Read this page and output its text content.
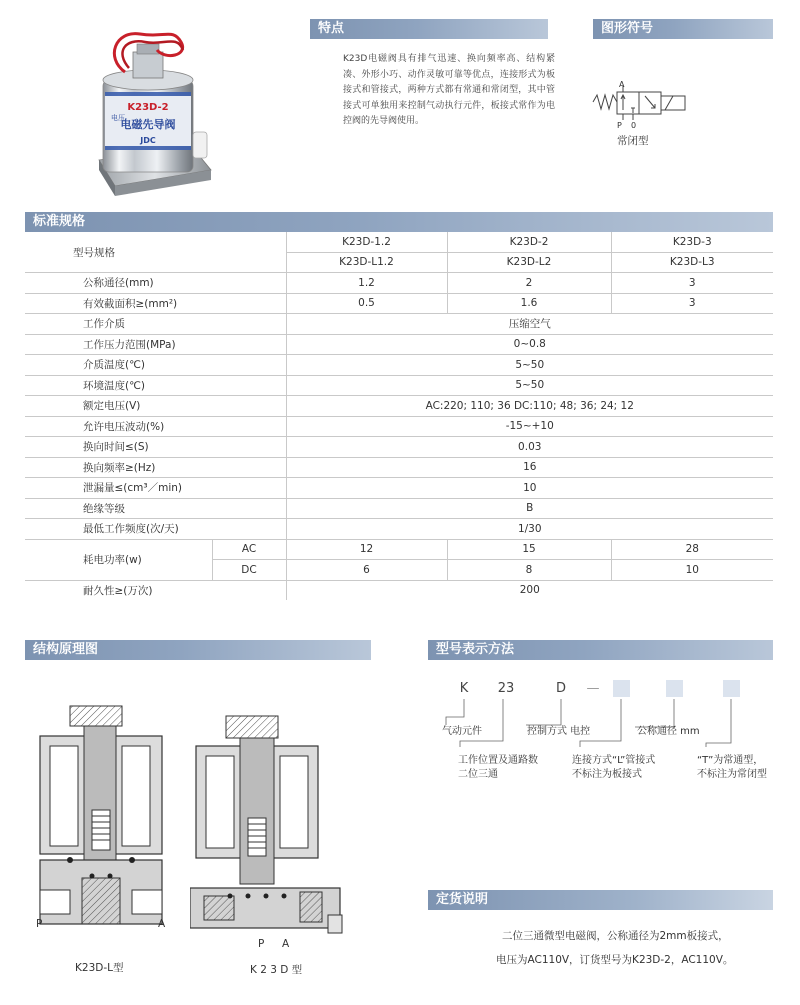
K23D-2
电磁先导阀
JDC
电压
特点	图形符号
标准规格
结构原理图	型号表示方法
定货说明
K23D电磁阀具有排气迅速、换向频率高、结构紧凑、外形小巧、动作灵敏可靠等优点，连接形式为板接式和管接式，两种方式都有常通和常闭型，其中管接式可单独用来控制气动执行元件，板接式常作为电控阀的先导阀使用。
A
P 0
常闭型
型号规格		K23D-1.2	K23D-2	K23D-3
		K23D-L1.2	K23D-L2	K23D-L3
公称通径(mm)		1.2	2	3
有效截面积≥(mm²)		0.5	1.6	3
工作介质		压缩空气		
工作压力范围(MPa)		0~0.8		
介质温度(℃)		5~50		
环境温度(℃)		5~50		
额定电压(V)		AC:220; 110; 36 DC:110; 48; 36; 24; 12		
允许电压波动(%)		-15~+10		
换向时间≤(S)		0.03		
换向频率≥(Hz)		16		
泄漏量≤(cm³／min)		10		
绝缘等级		B		
最低工作频度(次/天)		1/30		
耗电功率(w)	AC	12	15	28
	DC	6	8	10
耐久性≥(万次)		200		
P	A
K23D-L型
P A
K 2 3 D 型
K	23	D	—
气动元件	控制方式 电控	公称通径 mm
工作位置及通路数
二位三通
连接方式“L”管接式
不标注为板接式
“T”为常通型，
不标注为常闭型
二位三通微型电磁阀，公称通径为2mm板接式，
电压为AC110V，订货型号为K23D-2，AC110V。
